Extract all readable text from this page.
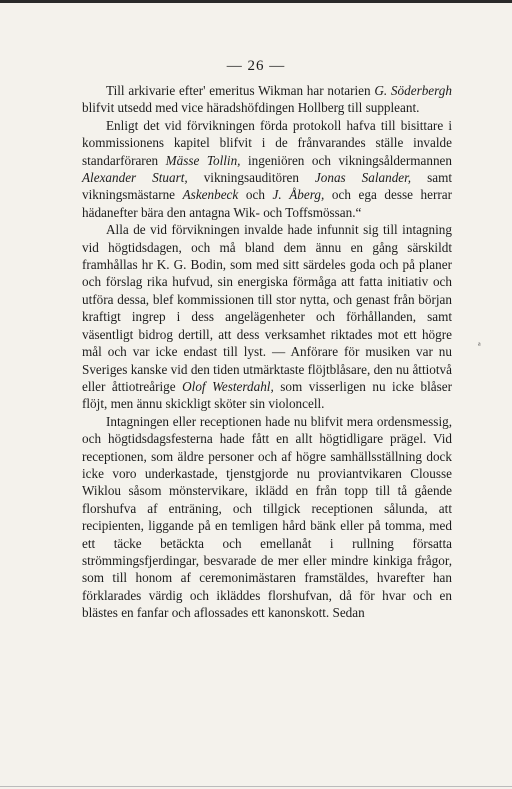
— 26 —

Till arkivarie efter' emeritus Wikman har notarien G. Söderbergh blifvit utsedd med vice häradshöfdingen Hollberg till suppleant.

Enligt det vid förvikningen förda protokoll hafva till bisittare i kommissionens kapitel blifvit i de frånvarandes ställe invalde standarföraren Mässe Tollin, ingeniören och vikningsåldermannen Alexander Stuart, vikningsauditören Jonas Salander, samt vikningsmästarne Askenbeck och J. Åberg, och ega desse herrar hädanefter bära den antagna Wik- och Toffsmössan.“

Alla de vid förvikningen invalde hade infunnit sig till intagning vid högtidsdagen, och må bland dem ännu en gång särskildt framhållas hr K. G. Bodin, som med sitt särdeles goda och på planer och förslag rika hufvud, sin energiska förmåga att fatta initiativ och utföra dessa, blef kommissionen till stor nytta, och genast från början kraftigt ingrep i dess angelägenheter och förhållanden, samt väsentligt bidrog dertill, att dess verksamhet riktades mot ett högre mål och var icke endast till lyst. — Anförare för musiken var nu Sveriges kanske vid den tiden utmärktaste flöjtblåsare, den nu åttiotvå eller åttiotreårige Olof Westerdahl, som visserligen nu icke blåser flöjt, men ännu skickligt sköter sin violoncell.

Intagningen eller receptionen hade nu blifvit mera ordensmessig, och högtidsdagsfesterna hade fått en allt högtidligare prägel. Vid receptionen, som äldre personer och af högre samhällsställning dock icke voro underkastade, tjenstgjorde nu proviantvikaren Clousse Wiklou såsom mönstervikare, iklädd en från topp till tå gående florshufva af enträning, och tillgick receptionen sålunda, att recipienten, liggande på en temligen hård bänk eller på tomma, med ett täcke betäckta och emellanåt i rullning försatta strömmingsfjerdingar, besvarade de mer eller mindre kinkiga frågor, som till honom af ceremonimästaren framstäldes, hvarefter han förklarades värdig och ikläddes florshufvan, då för hvar och en blästes en fanfar och aflossades ett kanonskott. Sedan

ᵃ
